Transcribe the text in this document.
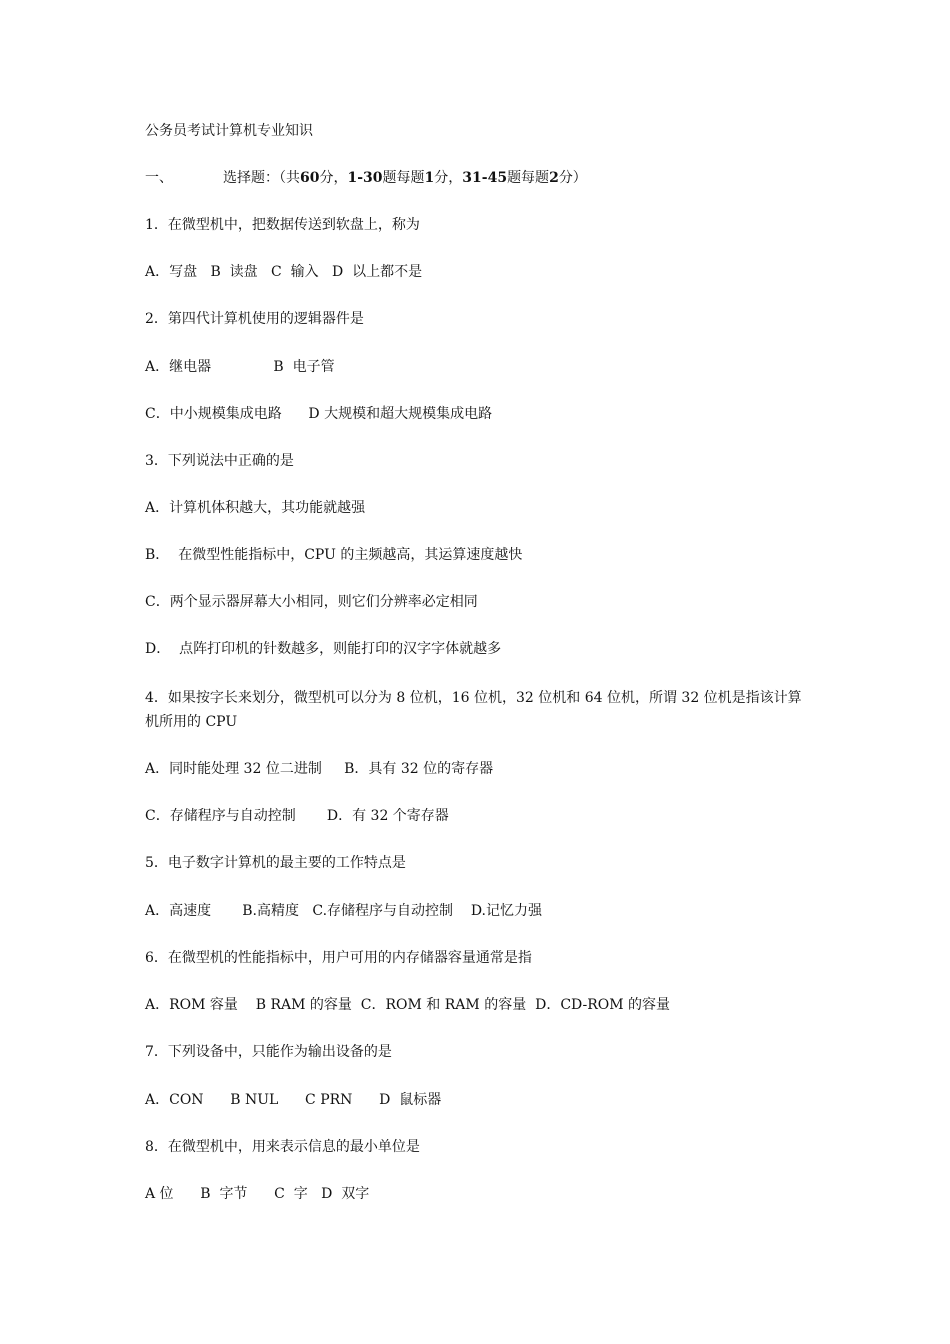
公务员考试计算机专业知识

一、	选择题：（共60分，1-30题每题1分，31-45题每题2分）

1．在微型机中，把数据传送到软盘上，称为

A．写盘   B  读盘   C  输入   D  以上都不是

2．第四代计算机使用的逻辑器件是

A．继电器              B  电子管

C．中小规模集成电路      D 大规模和超大规模集成电路

3．下列说法中正确的是

A．计算机体积越大，其功能就越强

B．  在微型性能指标中，CPU 的主频越高，其运算速度越快

C．两个显示器屏幕大小相同，则它们分辨率必定相同

D．  点阵打印机的针数越多，则能打印的汉字字体就越多

4．如果按字长来划分，微型机可以分为 8 位机，16 位机，32 位机和 64 位机，所谓 32 位机是指该计算机所用的 CPU

A．同时能处理 32 位二进制     B．具有 32 位的寄存器

C．存储程序与自动控制       D．有 32 个寄存器

5．电子数字计算机的最主要的工作特点是

A．高速度       B.高精度   C.存储程序与自动控制    D.记忆力强

6．在微型机的性能指标中，用户可用的内存储器容量通常是指

A．ROM 容量    B RAM 的容量  C．ROM 和 RAM 的容量  D．CD-ROM 的容量

7．下列设备中，只能作为输出设备的是

A．CON      B NUL      C PRN      D  鼠标器

8．在微型机中，用来表示信息的最小单位是

A 位      B  字节      C  字   D  双字
